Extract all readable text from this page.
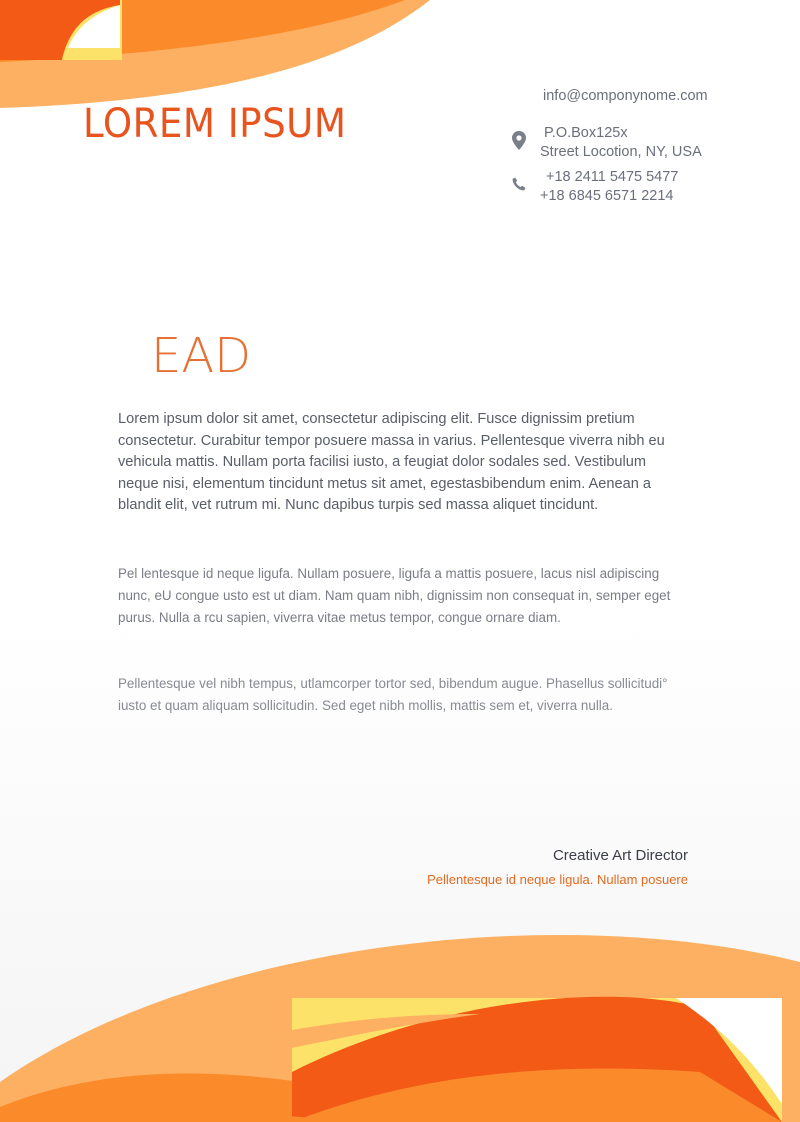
LOREM IPSUM
info@componynome.com
P.O.Box125x
Street Locotion, NY, USA
+18 2411 5475 5477
+18 6845 6571 2214
EAD

Lorem ipsum dolor sit amet, consectetur adipiscing elit. Fusce dignissim pretium consectetur. Curabitur tempor posuere massa in varius. Pellentesque viverra nibh eu vehicula mattis. Nullam porta facilisi iusto, a feugiat dolor sodales sed. Vestibulum neque nisi, elementum tincidunt metus sit amet, egestasbibendum enim. Aenean a blandit elit, vet rutrum mi. Nunc dapibus turpis sed massa aliquet tincidunt.

Pel lentesque id neque ligufa. Nullam posuere, ligufa a mattis posuere, lacus nisl adipiscing nunc, eU congue usto est ut diam. Nam quam nibh, dignissim non consequat in, semper eget purus. Nulla a rcu sapien, viverra vitae metus tempor, congue ornare diam.

Pellentesque vel nibh tempus, utlamcorper tortor sed, bibendum augue. Phasellus sollicitudi° iusto et quam aliquam sollicitudin. Sed eget nibh mollis, mattis sem et, viverra nulla.

Creative Art Director
Pellentesque id neque ligula. Nullam posuere
